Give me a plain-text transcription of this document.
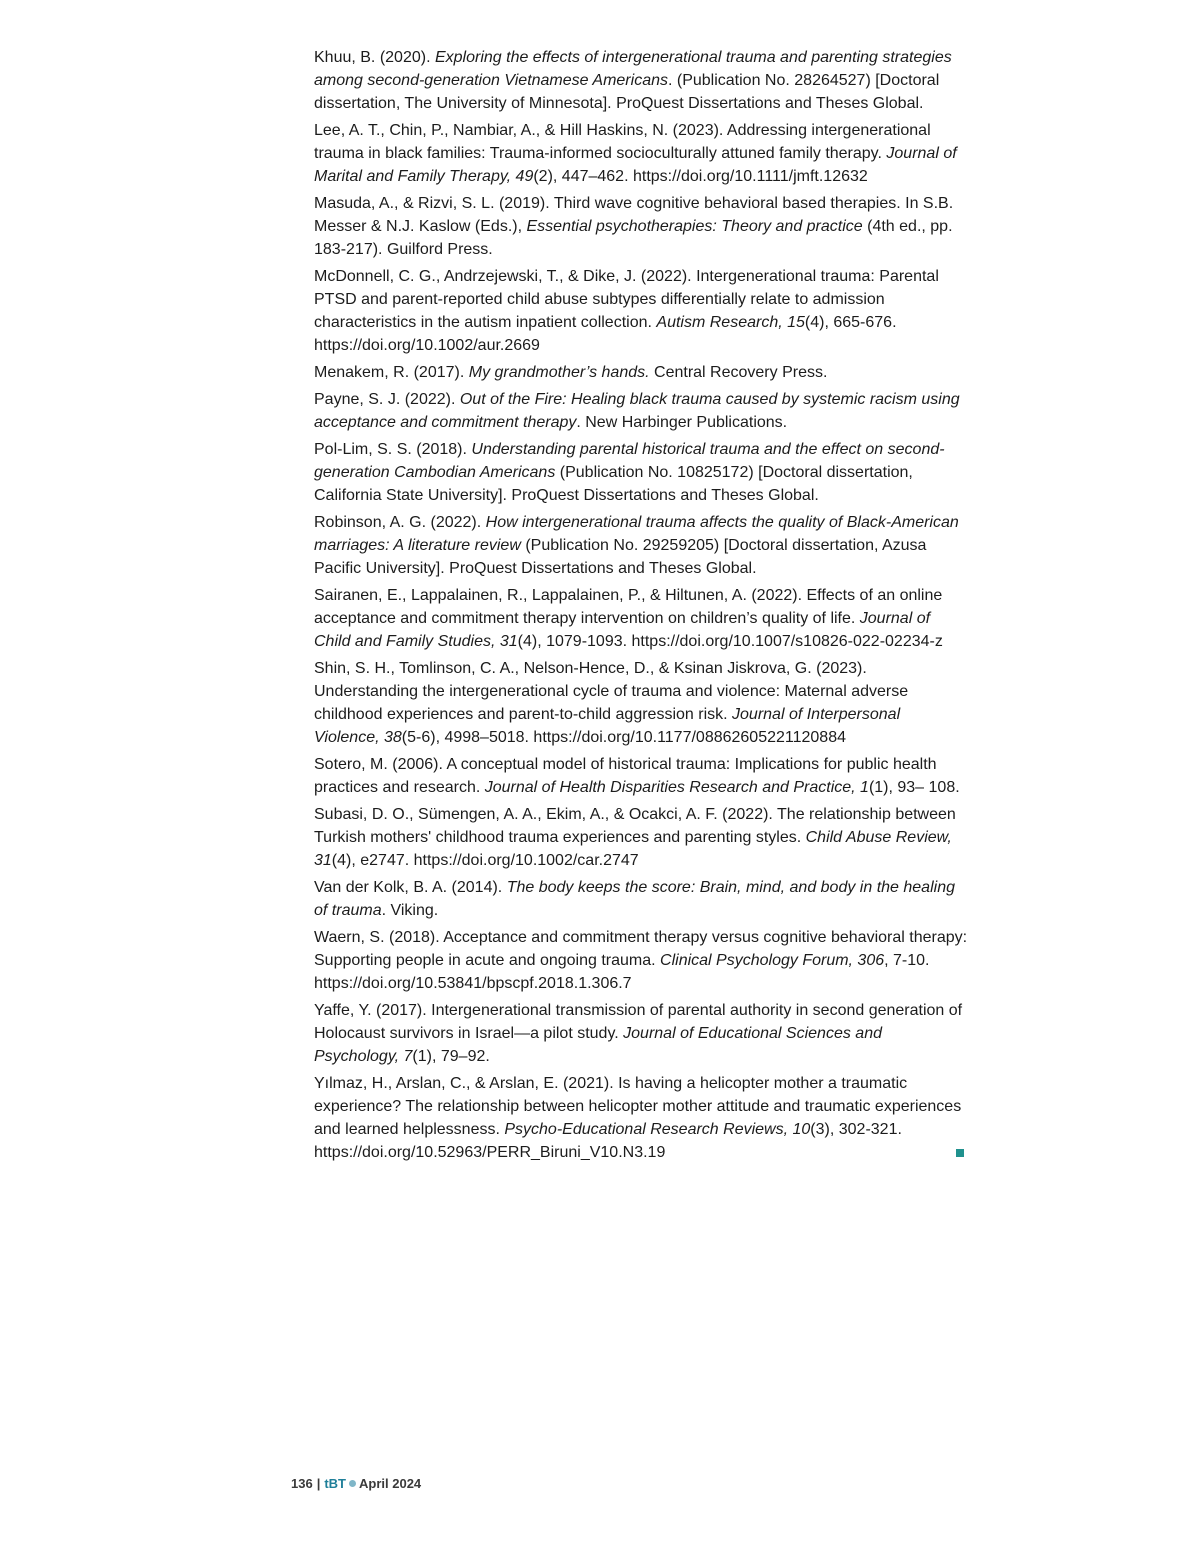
Khuu, B. (2020). Exploring the effects of intergenerational trauma and parenting strategies among second-generation Vietnamese Americans. (Publication No. 28264527) [Doctoral dissertation, The University of Minnesota]. ProQuest Dissertations and Theses Global.

Lee, A. T., Chin, P., Nambiar, A., & Hill Haskins, N. (2023). Addressing intergenerational trauma in black families: Trauma‐informed socioculturally attuned family therapy. Journal of Marital and Family Therapy, 49(2), 447–462. https://doi.org/10.1111/jmft.12632

Masuda, A., & Rizvi, S. L. (2019). Third wave cognitive behavioral based therapies. In S.B. Messer & N.J. Kaslow (Eds.), Essential psychotherapies: Theory and practice (4th ed., pp. 183-217). Guilford Press.

McDonnell, C. G., Andrzejewski, T., & Dike, J. (2022). Intergenerational trauma: Parental PTSD and parent‐reported child abuse subtypes differentially relate to admission characteristics in the autism inpatient collection. Autism Research, 15(4), 665-676. https://doi.org/10.1002/aur.2669

Menakem, R. (2017). My grandmother’s hands. Central Recovery Press.

Payne, S. J. (2022). Out of the Fire: Healing black trauma caused by systemic racism using acceptance and commitment therapy. New Harbinger Publications.

Pol-Lim, S. S. (2018). Understanding parental historical trauma and the effect on second-generation Cambodian Americans (Publication No. 10825172) [Doctoral dissertation, California State University]. ProQuest Dissertations and Theses Global.

Robinson, A. G. (2022). How intergenerational trauma affects the quality of Black-American marriages: A literature review (Publication No. 29259205) [Doctoral dissertation, Azusa Pacific University]. ProQuest Dissertations and Theses Global.

Sairanen, E., Lappalainen, R., Lappalainen, P., & Hiltunen, A. (2022). Effects of an online acceptance and commitment therapy intervention on children’s quality of life. Journal of Child and Family Studies, 31(4), 1079-1093. https://doi.org/10.1007/s10826-022-02234-z

Shin, S. H., Tomlinson, C. A., Nelson-Hence, D., & Ksinan Jiskrova, G. (2023). Understanding the intergenerational cycle of trauma and violence: Maternal adverse childhood experiences and parent-to-child aggression risk. Journal of Interpersonal Violence, 38(5-6), 4998–5018. https://doi.org/10.1177/08862605221120884

Sotero, M. (2006). A conceptual model of historical trauma: Implications for public health practices and research. Journal of Health Disparities Research and Practice, 1(1), 93– 108.

Subasi, D. O., Sümengen, A. A., Ekim, A., & Ocakci, A. F. (2022). The relationship between Turkish mothers' childhood trauma experiences and parenting styles. Child Abuse Review, 31(4), e2747. https://doi.org/10.1002/car.2747

Van der Kolk, B. A. (2014). The body keeps the score: Brain, mind, and body in the healing of trauma. Viking.

Waern, S. (2018). Acceptance and commitment therapy versus cognitive behavioral therapy: Supporting people in acute and ongoing trauma. Clinical Psychology Forum, 306, 7-10. https://doi.org/10.53841/bpscpf.2018.1.306.7

Yaffe, Y. (2017). Intergenerational transmission of parental authority in second generation of Holocaust survivors in Israel—a pilot study. Journal of Educational Sciences and Psychology, 7(1), 79–92.

Yılmaz, H., Arslan, C., & Arslan, E. (2021). Is having a helicopter mother a traumatic experience? The relationship between helicopter mother attitude and traumatic experiences and learned helplessness. Psycho-Educational Research Reviews, 10(3), 302-321. https://doi.org/10.52963/PERR_Biruni_V10.N3.19

136 | tBT April 2024
